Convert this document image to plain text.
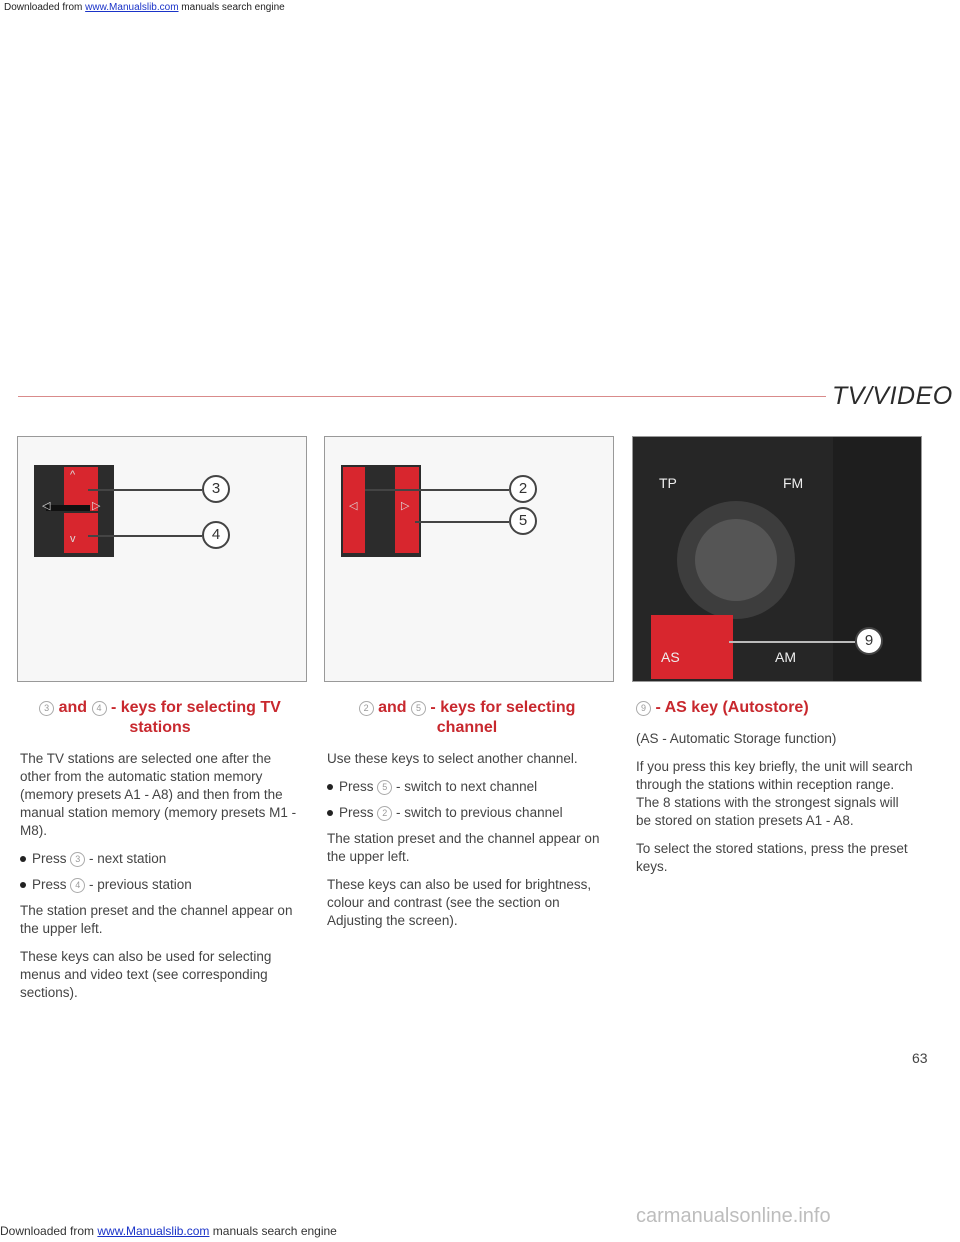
Downloaded from www.Manualslib.com manuals search engine
TV/VIDEO
^
◁	▷
v
3
4
◁	▷
2
5
TP	FM
AS	AM
9
3 and 4 - keys for selecting TV stations

The TV stations are selected one after the other from the automatic station memory (memory presets A1 - A8) and then from the manual station memory (memory presets M1 - M8).

Press 3 - next station
Press 4 - previous station

The station preset and the channel appear on the upper left.

These keys can also be used for selecting menus and video text (see corresponding sections).

2 and 5 - keys for selecting channel

Use these keys to select another channel.

Press 5 - switch to next channel
Press 2 - switch to previous channel

The station preset and the channel appear on the upper left.

These keys can also be used for brightness, colour and contrast (see the section on Adjusting the screen).

9 - AS key (Autostore)

(AS - Automatic Storage function)

If you press this key briefly, the unit will search through the stations within reception range. The 8 stations with the strongest signals will be stored on station presets A1 - A8.

To select the stored stations, press the preset keys.

63
carmanualsonline.info
Downloaded from www.Manualslib.com manuals search engine
